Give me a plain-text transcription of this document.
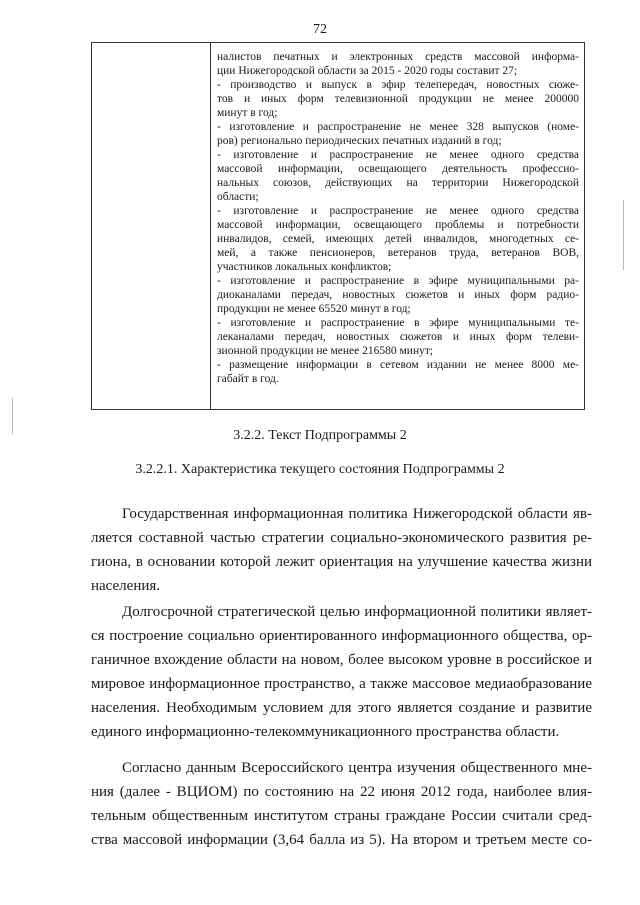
72
налистов печатных и электронных средств массовой информа-
ции Нижегородской области за 2015 - 2020 годы составит 27;
- производство и выпуск в эфир телепередач, новостных сюже-
тов и иных форм телевизионной продукции не менее 200000
минут в год;
- изготовление и распространение не менее 328 выпусков (номе-
ров) регионально периодических печатных изданий в год;
- изготовление и распространение не менее одного средства
массовой информации, освещающего деятельность профессио-
нальных союзов, действующих на территории Нижегородской
области;
- изготовление и распространение не менее одного средства
массовой информации, освещающего проблемы и потребности
инвалидов, семей, имеющих детей инвалидов, многодетных се-
мей, а также пенсионеров, ветеранов труда, ветеранов ВОВ,
участников локальных конфликтов;
- изготовление и распространение в эфире муниципальными ра-
диоканалами передач, новостных сюжетов и иных форм радио-
продукции не менее 65520 минут в год;
- изготовление и распространение в эфире муниципальными те-
леканалами передач, новостных сюжетов и иных форм телеви-
зионной продукции не менее 216580 минут;
- размещение информации в сетевом издании не менее 8000 ме-
габайт в год.
3.2.2. Текст Подпрограммы 2
3.2.2.1. Характеристика текущего состояния Подпрограммы 2
Государственная информационная политика Нижегородской области яв-
ляется составной частью стратегии социально-экономического развития ре-
гиона, в основании которой лежит ориентация на улучшение качества жизни
населения.
Долгосрочной стратегической целью информационной политики являет-
ся построение социально ориентированного информационного общества, ор-
ганичное вхождение области на новом, более высоком уровне в российское и
мировое информационное пространство, а также массовое медиаобразование
населения. Необходимым условием для этого является создание и развитие
единого информационно-телекоммуникационного пространства области.
Согласно данным Всероссийского центра изучения общественного мне-
ния (далее - ВЦИОМ) по состоянию на 22 июня 2012 года, наиболее влия-
тельным общественным институтом страны граждане России считали сред-
ства массовой информации (3,64 балла из 5). На втором и третьем месте со-
